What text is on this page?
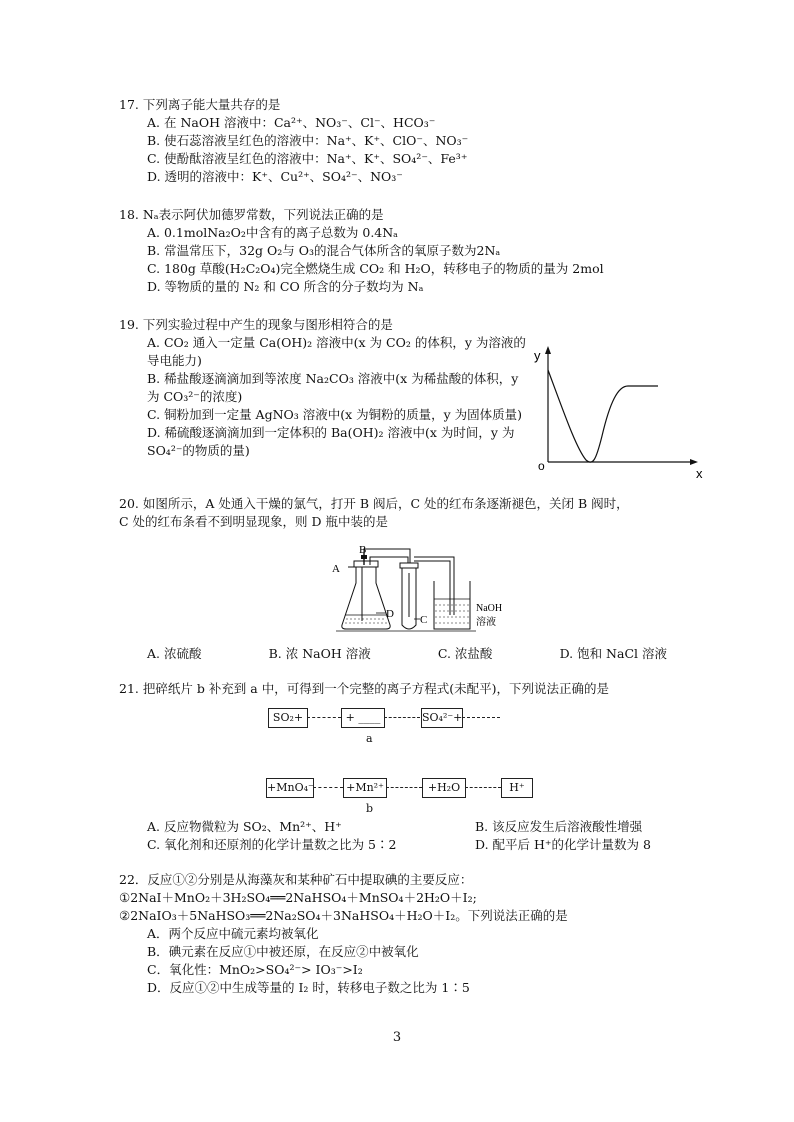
17. 下列离子能大量共存的是
A. 在 NaOH 溶液中：Ca²⁺、NO₃⁻、Cl⁻、HCO₃⁻
B. 使石蕊溶液呈红色的溶液中：Na⁺、K⁺、ClO⁻、NO₃⁻
C. 使酚酞溶液呈红色的溶液中：Na⁺、K⁺、SO₄²⁻、Fe³⁺
D. 透明的溶液中：K⁺、Cu²⁺、SO₄²⁻、NO₃⁻
18. Nₐ表示阿伏加德罗常数，下列说法正确的是
A. 0.1molNa₂O₂中含有的离子总数为 0.4Nₐ
B. 常温常压下，32g O₂与 O₃的混合气体所含的氧原子数为2Nₐ
C. 180g 草酸(H₂C₂O₄)完全燃烧生成 CO₂ 和 H₂O，转移电子的物质的量为 2mol
D. 等物质的量的 N₂ 和 CO 所含的分子数均为 Nₐ
19. 下列实验过程中产生的现象与图形相符合的是
A. CO₂ 通入一定量 Ca(OH)₂ 溶液中(x 为 CO₂ 的体积，y 为溶液的导电能力)
B. 稀盐酸逐滴滴加到等浓度 Na₂CO₃ 溶液中(x 为稀盐酸的体积，y 为 CO₃²⁻的浓度)
C. 铜粉加到一定量 AgNO₃ 溶液中(x 为铜粉的质量，y 为固体质量)
D. 稀硫酸逐滴滴加到一定体积的 Ba(OH)₂ 溶液中(x 为时间，y 为 SO₄²⁻的物质的量)
y
x
o
20. 如图所示，A 处通入干燥的氯气，打开 B 阀后，C 处的红布条逐渐褪色，关闭 B 阀时，
C 处的红布条看不到明显现象，则 D 瓶中装的是
A
B
D C
NaOH
溶液
A. 浓硫酸	B. 浓 NaOH 溶液	C. 浓盐酸	D. 饱和 NaCl 溶液
21. 把碎纸片 b 补充到 a 中，可得到一个完整的离子方程式(未配平)，下列说法正确的是
SO₂+	+ ____	SO₄²⁻+
a
+MnO₄⁻	+Mn²⁺	+H₂O	H⁺
b
A. 反应物微粒为 SO₂、Mn²⁺、H⁺	B. 该反应发生后溶液酸性增强
C. 氧化剂和还原剂的化学计量数之比为 5∶2	D. 配平后 H⁺的化学计量数为 8
22．反应①②分别是从海藻灰和某种矿石中提取碘的主要反应：
①2NaI＋MnO₂＋3H₂SO₄══2NaHSO₄＋MnSO₄＋2H₂O＋I₂;
②2NaIO₃＋5NaHSO₃══2Na₂SO₄＋3NaHSO₄＋H₂O＋I₂。下列说法正确的是
A．两个反应中硫元素均被氧化
B．碘元素在反应①中被还原，在反应②中被氧化
C．氧化性：MnO₂>SO₄²⁻> IO₃⁻>I₂
D．反应①②中生成等量的 I₂ 时，转移电子数之比为 1∶5
3
